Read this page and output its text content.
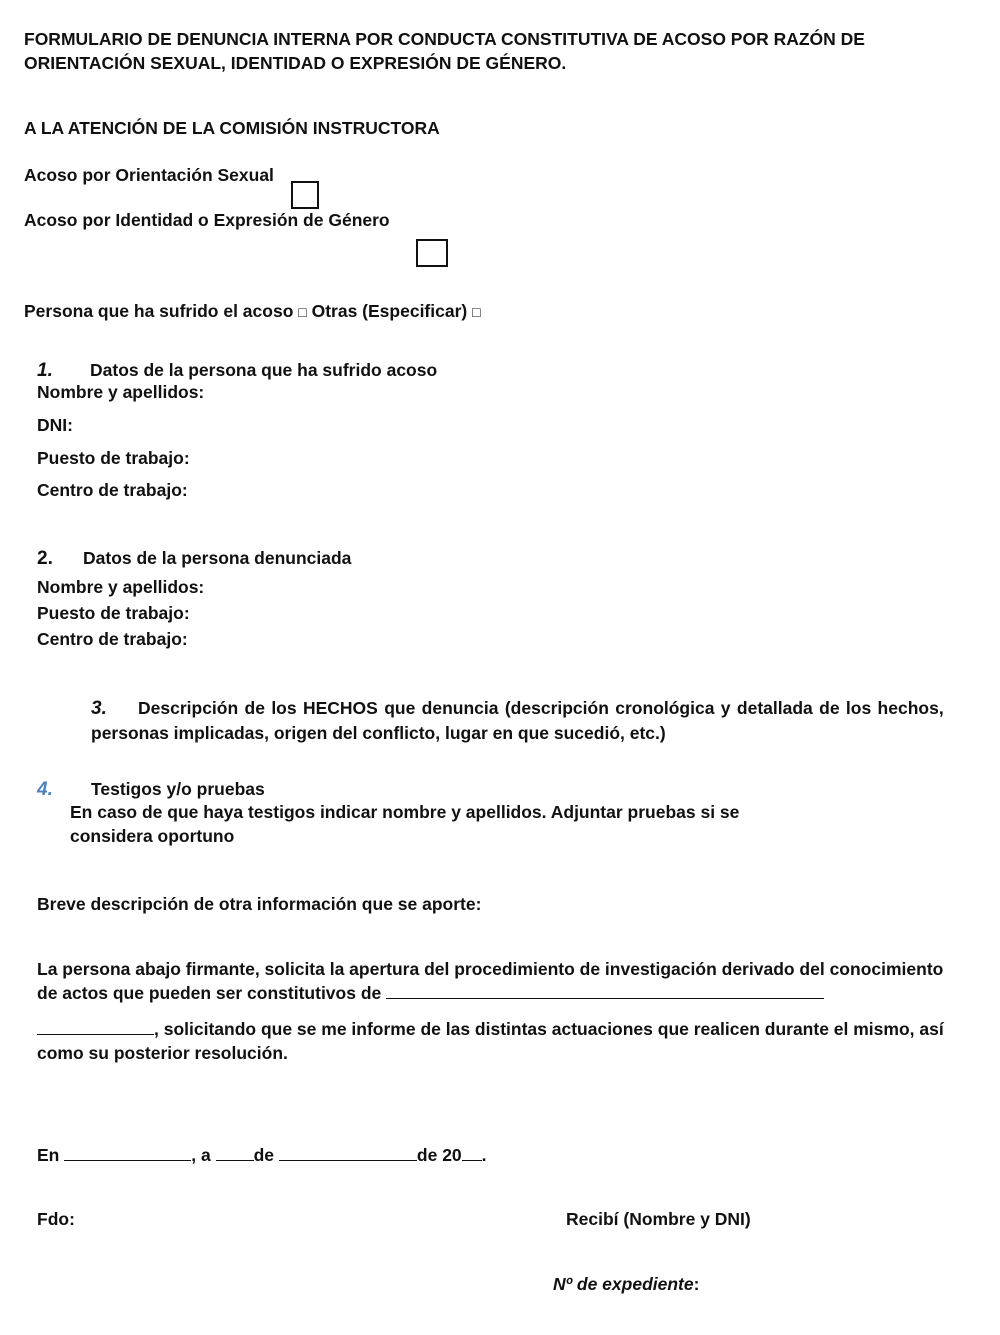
FORMULARIO DE DENUNCIA INTERNA POR CONDUCTA CONSTITUTIVA DE ACOSO POR RAZÓN DE
ORIENTACIÓN SEXUAL, IDENTIDAD O EXPRESIÓN DE GÉNERO.
A LA ATENCIÓN DE LA COMISIÓN INSTRUCTORA
Acoso por Orientación Sexual
Acoso por Identidad o Expresión de Género
Persona que ha sufrido el acoso □ Otras (Especificar) □
1. Datos de la persona que ha sufrido acoso
Nombre y apellidos:
DNI:
Puesto de trabajo:
Centro de trabajo:
2. Datos de la persona denunciada
Nombre y apellidos:
Puesto de trabajo:
Centro de trabajo:
3. Descripción de los HECHOS que denuncia (descripción cronológica y detallada de los hechos,
personas implicadas, origen del conflicto, lugar en que sucedió, etc.)
4. Testigos y/o pruebas
En caso de que haya testigos indicar nombre y apellidos. Adjuntar pruebas si se
considera oportuno
Breve descripción de otra información que se aporte:
La persona abajo firmante, solicita la apertura del procedimiento de investigación derivado del conocimiento
de actos que pueden ser constitutivos de
, solicitando que se me informe de las distintas actuaciones que realicen durante el mismo, así
como su posterior resolución.
En	, a de	de 20 .
Fdo:	Recibí (Nombre y DNI)
Nº de expediente:
